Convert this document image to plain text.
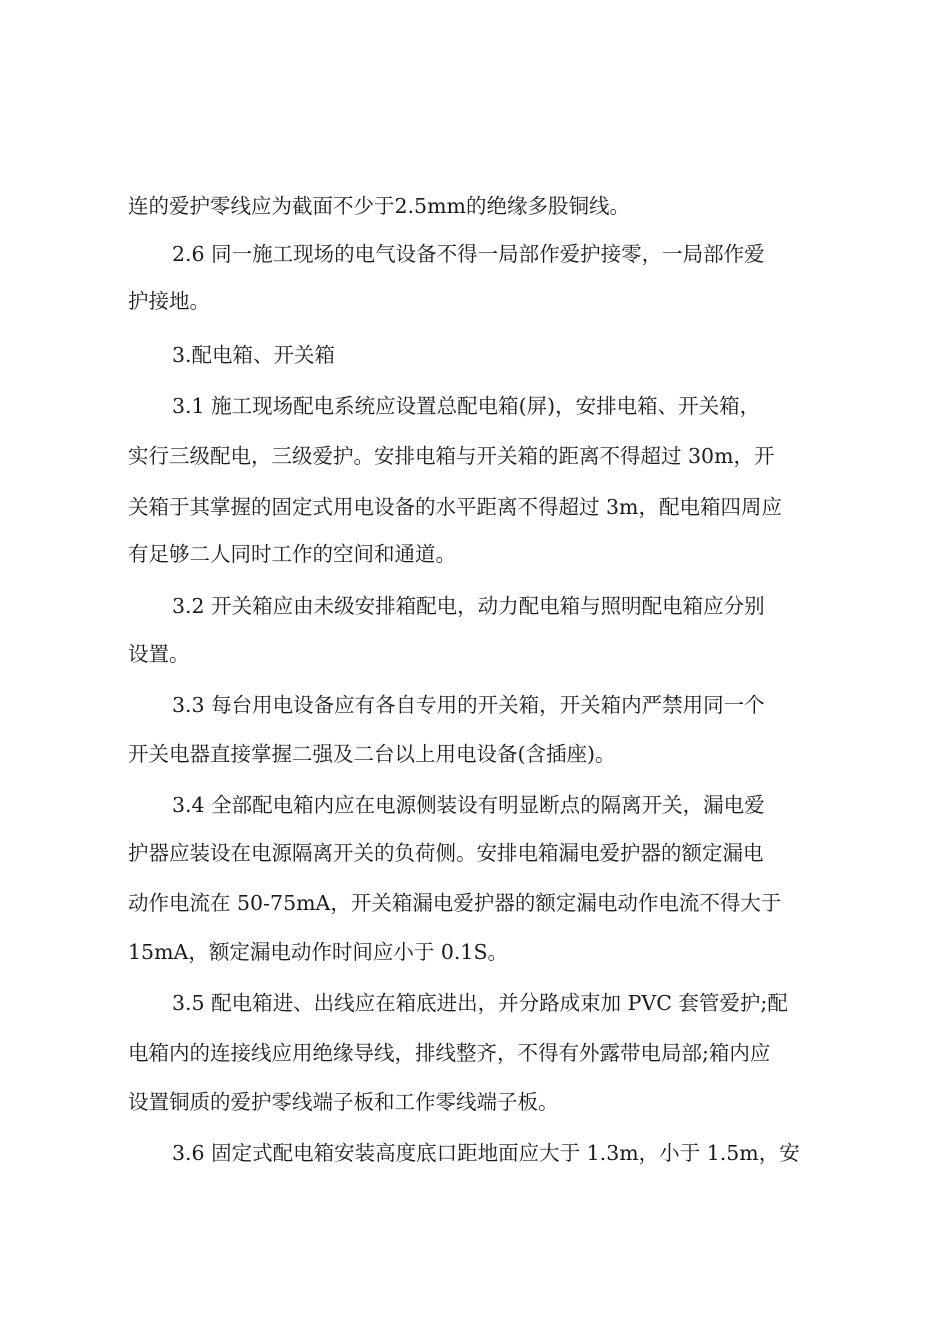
连的爱护零线应为截面不少于2.5mm的绝缘多股铜线。
2.6 同一施工现场的电气设备不得一局部作爱护接零，一局部作爱
护接地。
3.配电箱、开关箱
3.1 施工现场配电系统应设置总配电箱(屏)，安排电箱、开关箱，
实行三级配电，三级爱护。安排电箱与开关箱的距离不得超过 30m，开
关箱于其掌握的固定式用电设备的水平距离不得超过 3m，配电箱四周应
有足够二人同时工作的空间和通道。
3.2 开关箱应由未级安排箱配电，动力配电箱与照明配电箱应分别
设置。
3.3 每台用电设备应有各自专用的开关箱，开关箱内严禁用同一个
开关电器直接掌握二强及二台以上用电设备(含插座)。
3.4 全部配电箱内应在电源侧装设有明显断点的隔离开关，漏电爱
护器应装设在电源隔离开关的负荷侧。安排电箱漏电爱护器的额定漏电
动作电流在 50-75mA，开关箱漏电爱护器的额定漏电动作电流不得大于
15mA，额定漏电动作时间应小于 0.1S。
3.5 配电箱进、出线应在箱底进出，并分路成束加 PVC 套管爱护;配
电箱内的连接线应用绝缘导线，排线整齐，不得有外露带电局部;箱内应
设置铜质的爱护零线端子板和工作零线端子板。
3.6 固定式配电箱安装高度底口距地面应大于 1.3m，小于 1.5m，安
